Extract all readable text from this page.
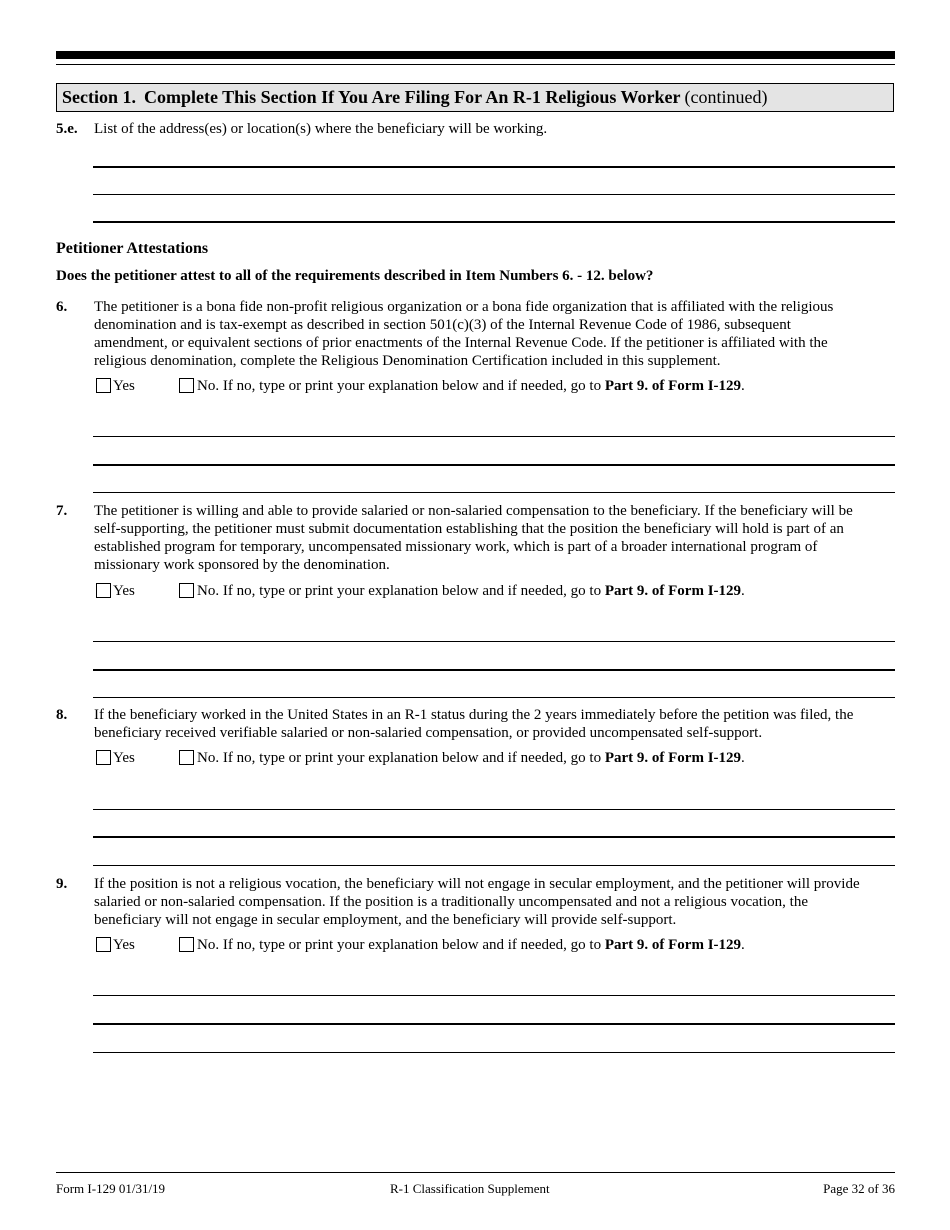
Section 1. Complete This Section If You Are Filing For An R-1 Religious Worker (continued)
5.e. List of the address(es) or location(s) where the beneficiary will be working.
Petitioner Attestations
Does the petitioner attest to all of the requirements described in Item Numbers 6. - 12. below?
6. The petitioner is a bona fide non-profit religious organization or a bona fide organization that is affiliated with the religious
denomination and is tax-exempt as described in section 501(c)(3) of the Internal Revenue Code of 1986, subsequent
amendment, or equivalent sections of prior enactments of the Internal Revenue Code. If the petitioner is affiliated with the
religious denomination, complete the Religious Denomination Certification included in this supplement.
Yes	No. If no, type or print your explanation below and if needed, go to Part 9. of Form I-129.
7. The petitioner is willing and able to provide salaried or non-salaried compensation to the beneficiary. If the beneficiary will be
self-supporting, the petitioner must submit documentation establishing that the position the beneficiary will hold is part of an
established program for temporary, uncompensated missionary work, which is part of a broader international program of
missionary work sponsored by the denomination.
Yes	No. If no, type or print your explanation below and if needed, go to Part 9. of Form I-129.
8. If the beneficiary worked in the United States in an R-1 status during the 2 years immediately before the petition was filed, the
beneficiary received verifiable salaried or non-salaried compensation, or provided uncompensated self-support.
Yes	No. If no, type or print your explanation below and if needed, go to Part 9. of Form I-129.
9. If the position is not a religious vocation, the beneficiary will not engage in secular employment, and the petitioner will provide
salaried or non-salaried compensation. If the position is a traditionally uncompensated and not a religious vocation, the
beneficiary will not engage in secular employment, and the beneficiary will provide self-support.
Yes	No. If no, type or print your explanation below and if needed, go to Part 9. of Form I-129.
Form I-129 01/31/19	R-1 Classification Supplement	Page 32 of 36
